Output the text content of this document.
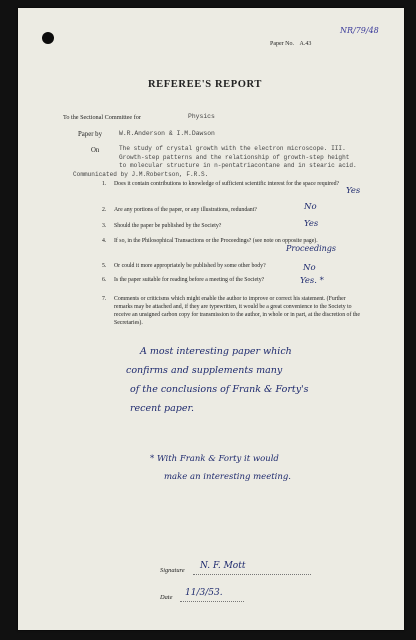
NR/79/48
Paper No. A.43
REFEREE'S REPORT
To the Sectional Committee for	Physics
Paper by	W.R.Anderson & I.M.Dawson
On	The study of crystal growth with the electron microscope. III.
Growth-step patterns and the relationship of growth-step height
to molecular structure in n-pentatriacontane and in stearic acid.
Communicated by J.M.Robertson, F.R.S.
1. Does it contain contributions to knowledge of sufficient scientific interest for the space required?
Yes
2. Are any portions of the paper, or any illustrations, redundant?	No
3. Should the paper be published by the Society?	Yes
4. If so, in the Philosophical Transactions or the Proceedings? (see note on opposite page).
Proceedings
5. Or could it more appropriately be published by some other body?	No
6. Is the paper suitable for reading before a meeting of the Society?	Yes. *
7. Comments or criticisms which might enable the author to improve or correct his statement. (Further remarks may be attached and, if they are typewritten, it would be a great convenience to the Society to receive an unsigned carbon copy for transmission to the author, in whole or in part, at the discretion of the Secretaries).
A most interesting paper which
confirms and supplements many
of the conclusions of Frank & Forty's
recent paper.
* With Frank & Forty it would
make an interesting meeting.
Signature N. F. Mott
Date 11/3/53.
